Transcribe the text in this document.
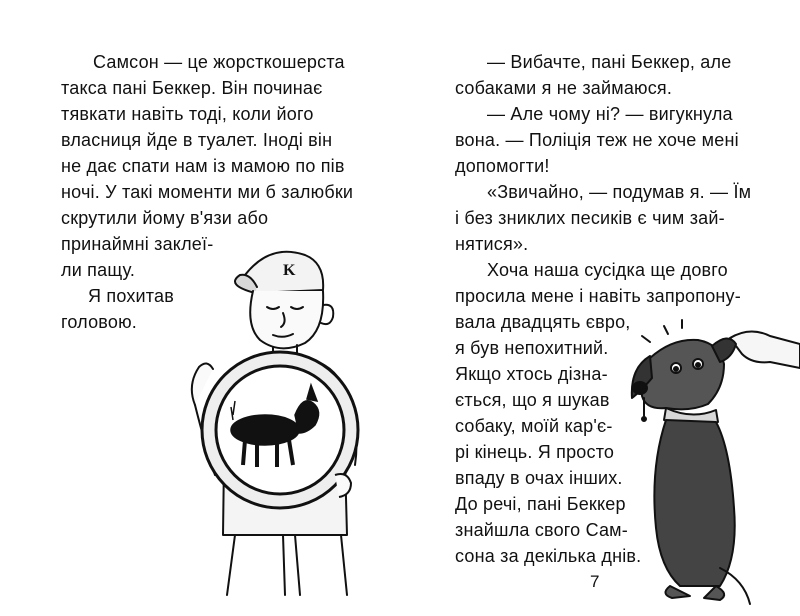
Самсон — це жорсткошерста
такса пані Беккер. Він починає
тявкати навіть тоді, коли його
власниця йде в туалет. Іноді він
не дає спати нам із мамою по пів
ночі. У такі моменти ми б залюбки
скрутили йому в'язи або
принаймні заклеї-
ли пащу.
Я похитав
головою.
— Вибачте, пані Беккер, але
собаками я не займаюся.
— Але чому ні? — вигукнула
вона. — Поліція теж не хоче мені
допомогти!
«Звичайно, — подумав я. — Їм
і без зниклих песиків є чим зай-
нятися».
Хоча наша сусідка ще довго
просила мене і навіть запропону-
вала двадцять євро,
я був непохитний.
Якщо хтось дізна-
ється, що я шукав
собаку, моїй кар'є-
рі кінець. Я просто
впаду в очах інших.
До речі, пані Беккер
знайшла свого Сам-
сона за декілька днів.
7
K
